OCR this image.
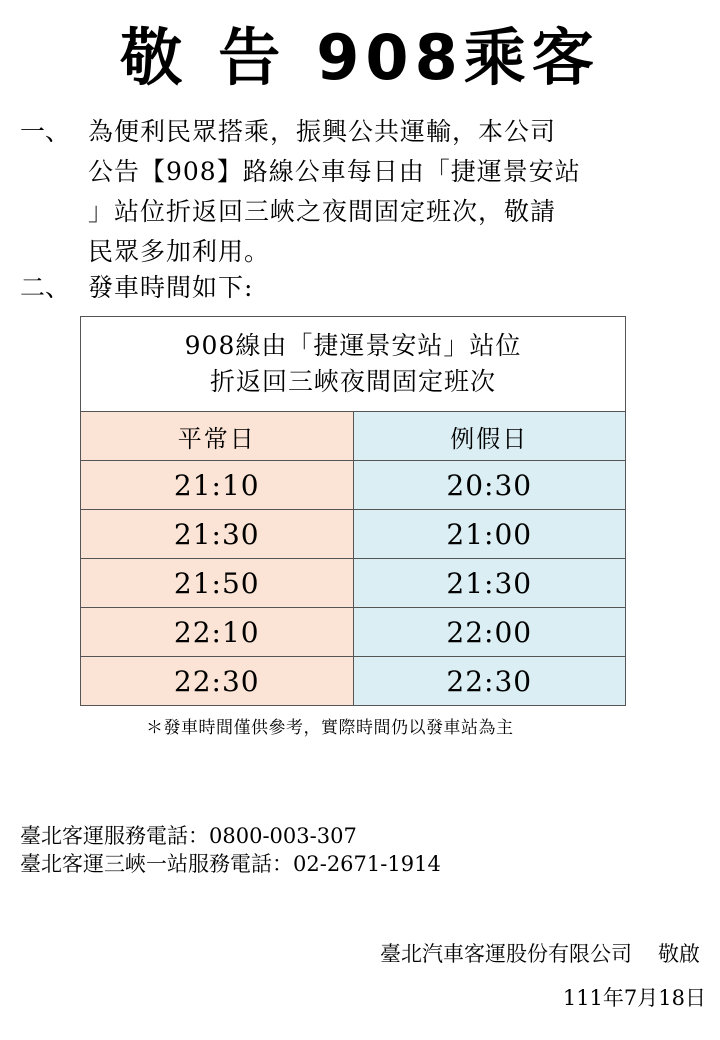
敬 告 908乘客
一、 為便利民眾搭乘，振興公共運輸，本公司
公告【908】路線公車每日由「捷運景安站
」站位折返回三峽之夜間固定班次，敬請
民眾多加利用。
二、 發車時間如下:
908線由「捷運景安站」站位
折返回三峽夜間固定班次	

平常日	例假日
21:10	20:30
21:30	21:00
21:50	21:30
22:10	22:00
22:30	22:30
＊發車時間僅供參考，實際時間仍以發車站為主
臺北客運服務電話：0800-003-307
臺北客運三峽一站服務電話：02-2671-1914
臺北汽車客運股份有限公司 敬啟
111年7月18日
